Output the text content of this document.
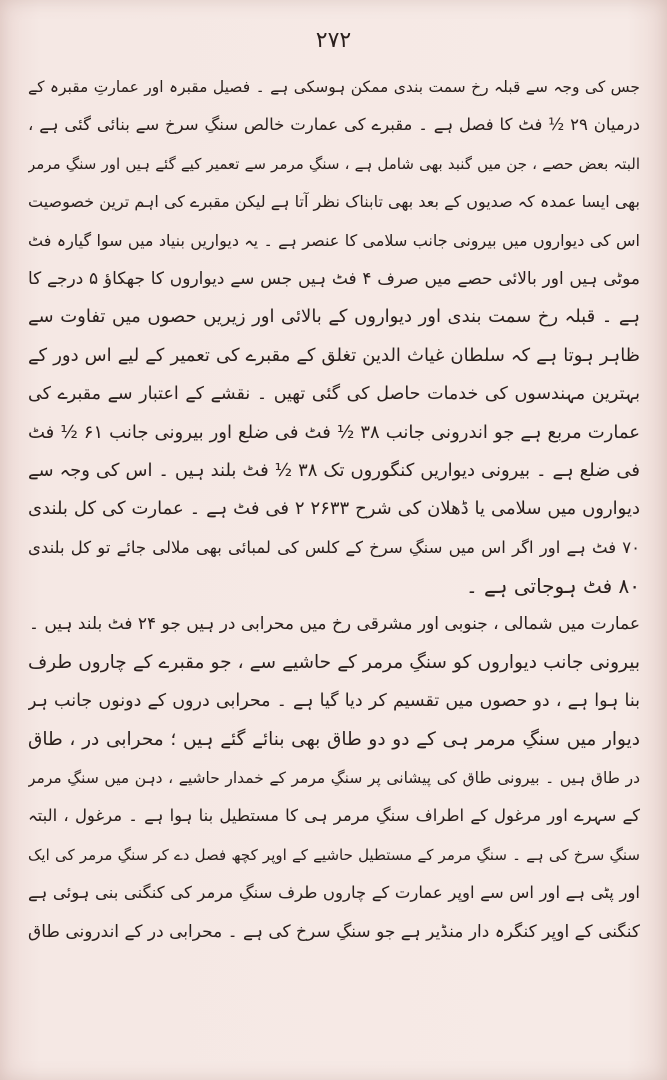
۲۷۲
جس کی وجہ سے قبلہ رخ سمت بندی ممکن ہوسکی ہے ۔ فصیل مقبرہ اور عمارتِ مقبرہ کے
درمیان ۲۹ ½ فٹ کا فصل ہے ۔ مقبرے کی عمارت خالص سنگِ سرخ سے بنائی گئی ہے ،
البتہ بعض حصے ، جن میں گنبد بھی شامل ہے ، سنگِ مرمر سے تعمیر کیے گئے ہیں اور سنگِ مرمر
بھی ایسا عمدہ کہ صدیوں کے بعد بھی تابناک نظر آتا ہے لیکن مقبرے کی اہم ترین خصوصیت
اس کی دیواروں میں بیرونی جانب سلامی کا عنصر ہے ۔ یہ دیواریں بنیاد میں سوا گیارہ فٹ
موٹی ہیں اور بالائی حصے میں صرف ۴ فٹ ہیں جس سے دیواروں کا جھکاؤ ۵ درجے کا
ہے ۔ قبلہ رخ سمت بندی اور دیواروں کے بالائی اور زیریں حصوں میں تفاوت سے
ظاہر ہوتا ہے کہ سلطان غیاث الدین تغلق کے مقبرے کی تعمیر کے لیے اس دور کے
بہترین مہندسوں کی خدمات حاصل کی گئی تھیں ۔ نقشے کے اعتبار سے مقبرے کی
عمارت مربع ہے جو اندرونی جانب ۳۸ ½ فٹ فی ضلع اور بیرونی جانب ۶۱ ½ فٹ
فی ضلع ہے ۔ بیرونی دیواریں کنگوروں تک ۳۸ ½ فٹ بلند ہیں ۔ اس کی وجہ سے
دیواروں میں سلامی یا ڈھلان کی شرح ۲۶۳۳ ۲ فی فٹ ہے ۔ عمارت کی کل بلندی
۷۰ فٹ ہے اور اگر اس میں سنگِ سرخ کے کلس کی لمبائی بھی ملالی جائے تو کل بلندی
۸۰ فٹ ہوجاتی ہے ۔
عمارت میں شمالی ، جنوبی اور مشرقی رخ میں محرابی در ہیں جو ۲۴ فٹ بلند ہیں ۔
بیرونی جانب دیواروں کو سنگِ مرمر کے حاشیے سے ، جو مقبرے کے چاروں طرف
بنا ہوا ہے ، دو حصوں میں تقسیم کر دیا گیا ہے ۔ محرابی دروں کے دونوں جانب ہر
دیوار میں سنگِ مرمر ہی کے دو دو طاق بھی بنائے گئے ہیں ؛ محرابی در ، طاق
در طاق ہیں ۔ بیرونی طاق کی پیشانی پر سنگِ مرمر کے خمدار حاشیے ، دہن میں سنگِ مرمر
کے سہرے اور مرغول کے اطراف سنگِ مرمر ہی کا مستطیل بنا ہوا ہے ۔ مرغول ، البتہ
سنگِ سرخ کی ہے ۔ سنگِ مرمر کے مستطیل حاشیے کے اوپر کچھ فصل دے کر سنگِ مرمر کی ایک
اور پٹی ہے اور اس سے اوپر عمارت کے چاروں طرف سنگِ مرمر کی کنگنی بنی ہوئی ہے
کنگنی کے اوپر کنگرہ دار منڈیر ہے جو سنگِ سرخ کی ہے ۔ محرابی در کے اندرونی طاق
